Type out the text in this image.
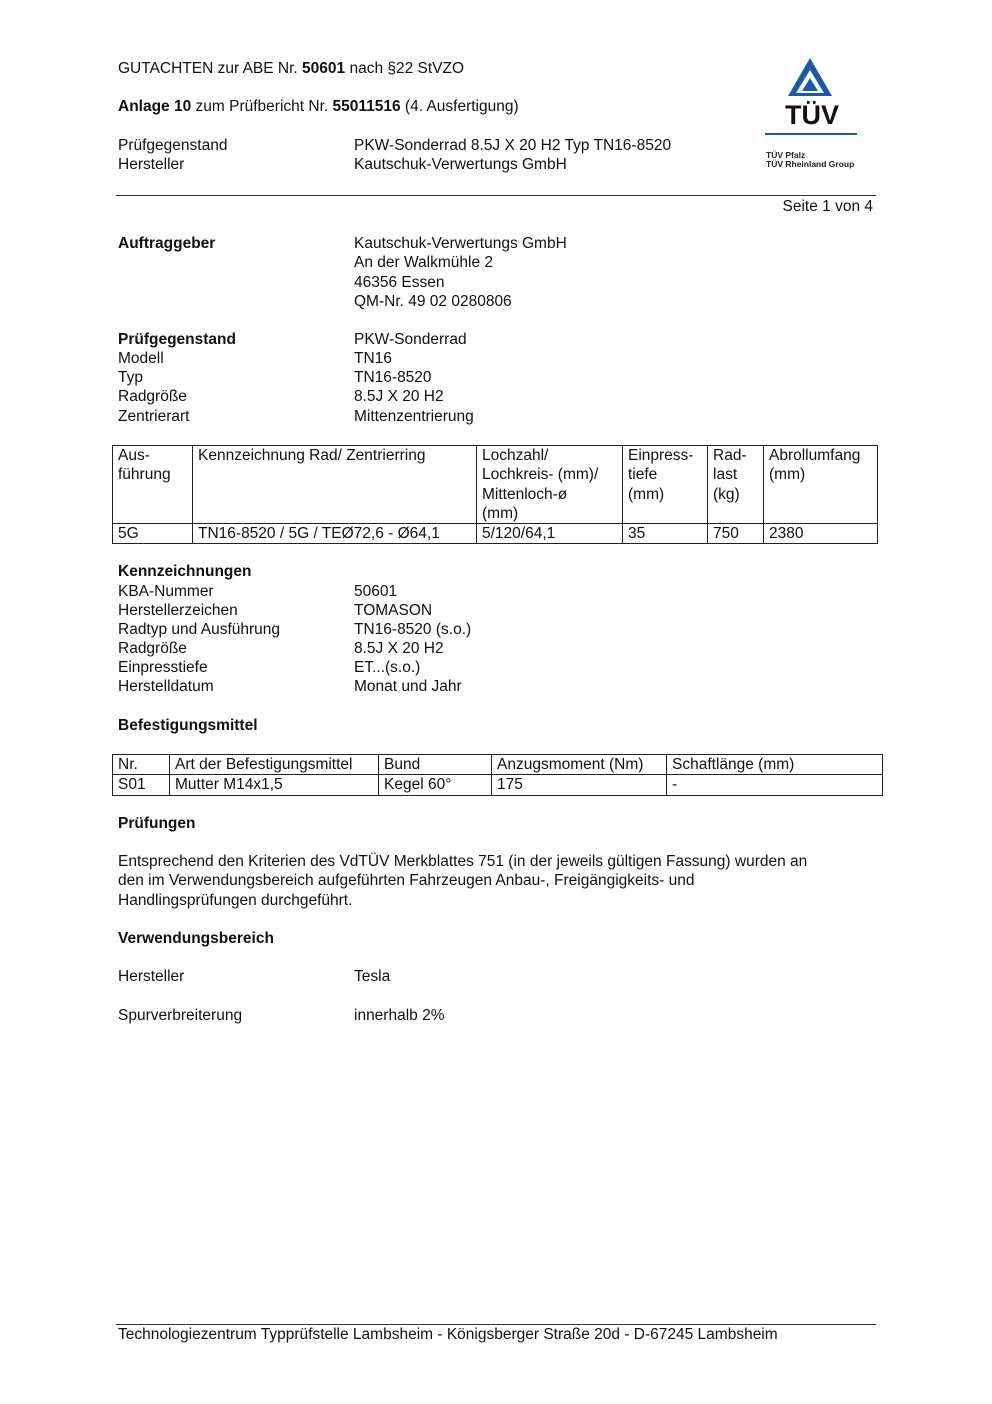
GUTACHTEN zur ABE Nr. 50601 nach §22 StVZO
Anlage 10 zum Prüfbericht Nr. 55011516 (4. Ausfertigung)
Prüfgegenstand	PKW-Sonderrad 8.5J X 20 H2 Typ TN16-8520
Hersteller	Kautschuk-Verwertungs GmbH
TÜV
TÜV Pfalz
TÜV Rheinland Group
Seite 1 von 4
Auftraggeber	Kautschuk-Verwertungs GmbH
An der Walkmühle 2
46356 Essen
QM-Nr. 49 02 0280806
Prüfgegenstand	PKW-Sonderrad
Modell	TN16
Typ	TN16-8520
Radgröße	8.5J X 20 H2
Zentrierart	Mittenzentrierung
Aus-
führung	Kennzeichnung Rad/ Zentrierring	Lochzahl/
Lochkreis- (mm)/
Mittenloch-ø
(mm)	Einpress-
tiefe
(mm)	Rad-
last
(kg)	Abrollumfang
(mm)
5G	TN16-8520 / 5G / TEØ72,6 - Ø64,1	5/120/64,1	35	750	2380
Kennzeichnungen
KBA-Nummer	50601
Herstellerzeichen	TOMASON
Radtyp und Ausführung	TN16-8520 (s.o.)
Radgröße	8.5J X 20 H2
Einpresstiefe	ET...(s.o.)
Herstelldatum	Monat und Jahr
Befestigungsmittel
Nr.	Art der Befestigungsmittel	Bund	Anzugsmoment (Nm)	Schaftlänge (mm)
S01	Mutter M14x1,5	Kegel 60°	175	-
Prüfungen
Entsprechend den Kriterien des VdTÜV Merkblattes 751 (in der jeweils gültigen Fassung) wurden an
den im Verwendungsbereich aufgeführten Fahrzeugen Anbau-, Freigängigkeits- und
Handlingsprüfungen durchgeführt.
Verwendungsbereich
Hersteller	Tesla
Spurverbreiterung	innerhalb 2%
Technologiezentrum Typprüfstelle Lambsheim - Königsberger Straße 20d - D-67245 Lambsheim
